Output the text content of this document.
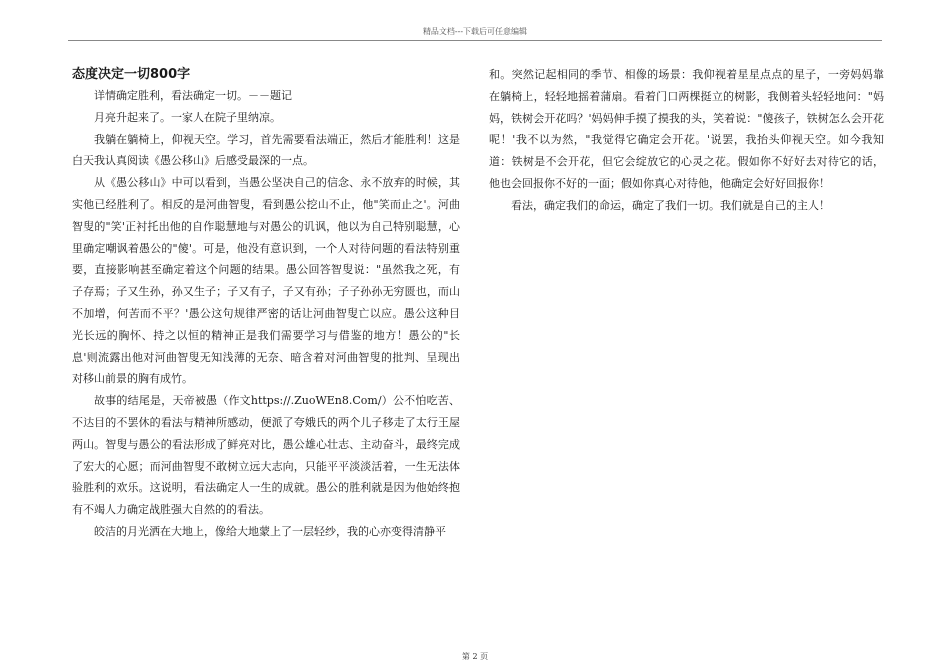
精品文档---下载后可任意编辑
态度决定一切800字

详情确定胜利，看法确定一切。－－题记

月亮升起来了。一家人在院子里纳凉。

我躺在躺椅上，仰视天空。学习，首先需要看法端正，然后才能胜利！这是白天我认真阅读《愚公移山》后感受最深的一点。

从《愚公移山》中可以看到，当愚公坚决自己的信念、永不放弃的时候，其实他已经胜利了。相反的是河曲智叟，看到愚公挖山不止，他"笑而止之'。河曲智叟的"笑'正衬托出他的自作聪慧地与对愚公的讥讽，他以为自己特别聪慧，心里确定嘲讽着愚公的"傻'。可是，他没有意识到，一个人对待问题的看法特别重要，直接影响甚至确定着这个问题的结果。愚公回答智叟说："虽然我之死，有子存焉；子又生孙，孙又生子；子又有子，子又有孙；子子孙孙无穷匮也，而山不加增，何苦而不平？'愚公这句规律严密的话让河曲智叟亡以应。愚公这种目光长远的胸怀、持之以恒的精神正是我们需要学习与借鉴的地方！愚公的"长息'则流露出他对河曲智叟无知浅薄的无奈、暗含着对河曲智叟的批判、呈现出对移山前景的胸有成竹。

故事的结尾是，天帝被愚（作文https://.ZuoWEn8.Com/）公不怕吃苦、不达目的不罢休的看法与精神所感动，便派了夸娥氏的两个儿子移走了太行王屋两山。智叟与愚公的看法形成了鲜亮对比，愚公雄心壮志、主动奋斗，最终完成了宏大的心愿；而河曲智叟不敢树立远大志向，只能平平淡淡活着，一生无法体验胜利的欢乐。这说明，看法确定人一生的成就。愚公的胜利就是因为他始终抱有不竭人力确定战胜强大自然的的看法。

皎洁的月光洒在大地上，像给大地蒙上了一层轻纱，我的心亦变得清静平

和。突然记起相同的季节、相像的场景：我仰视着星星点点的星子，一旁妈妈靠在躺椅上，轻轻地摇着蒲扇。看着门口两棵挺立的树影，我侧着头轻轻地问："妈妈，铁树会开花吗？'妈妈伸手摸了摸我的头，笑着说："傻孩子，铁树怎么会开花呢！'我不以为然，"我觉得它确定会开花。'说罢，我抬头仰视天空。如今我知道：铁树是不会开花，但它会绽放它的心灵之花。假如你不好好去对待它的话，他也会回报你不好的一面；假如你真心对待他，他确定会好好回报你！

看法，确定我们的命运，确定了我们一切。我们就是自己的主人！

第 2 页
